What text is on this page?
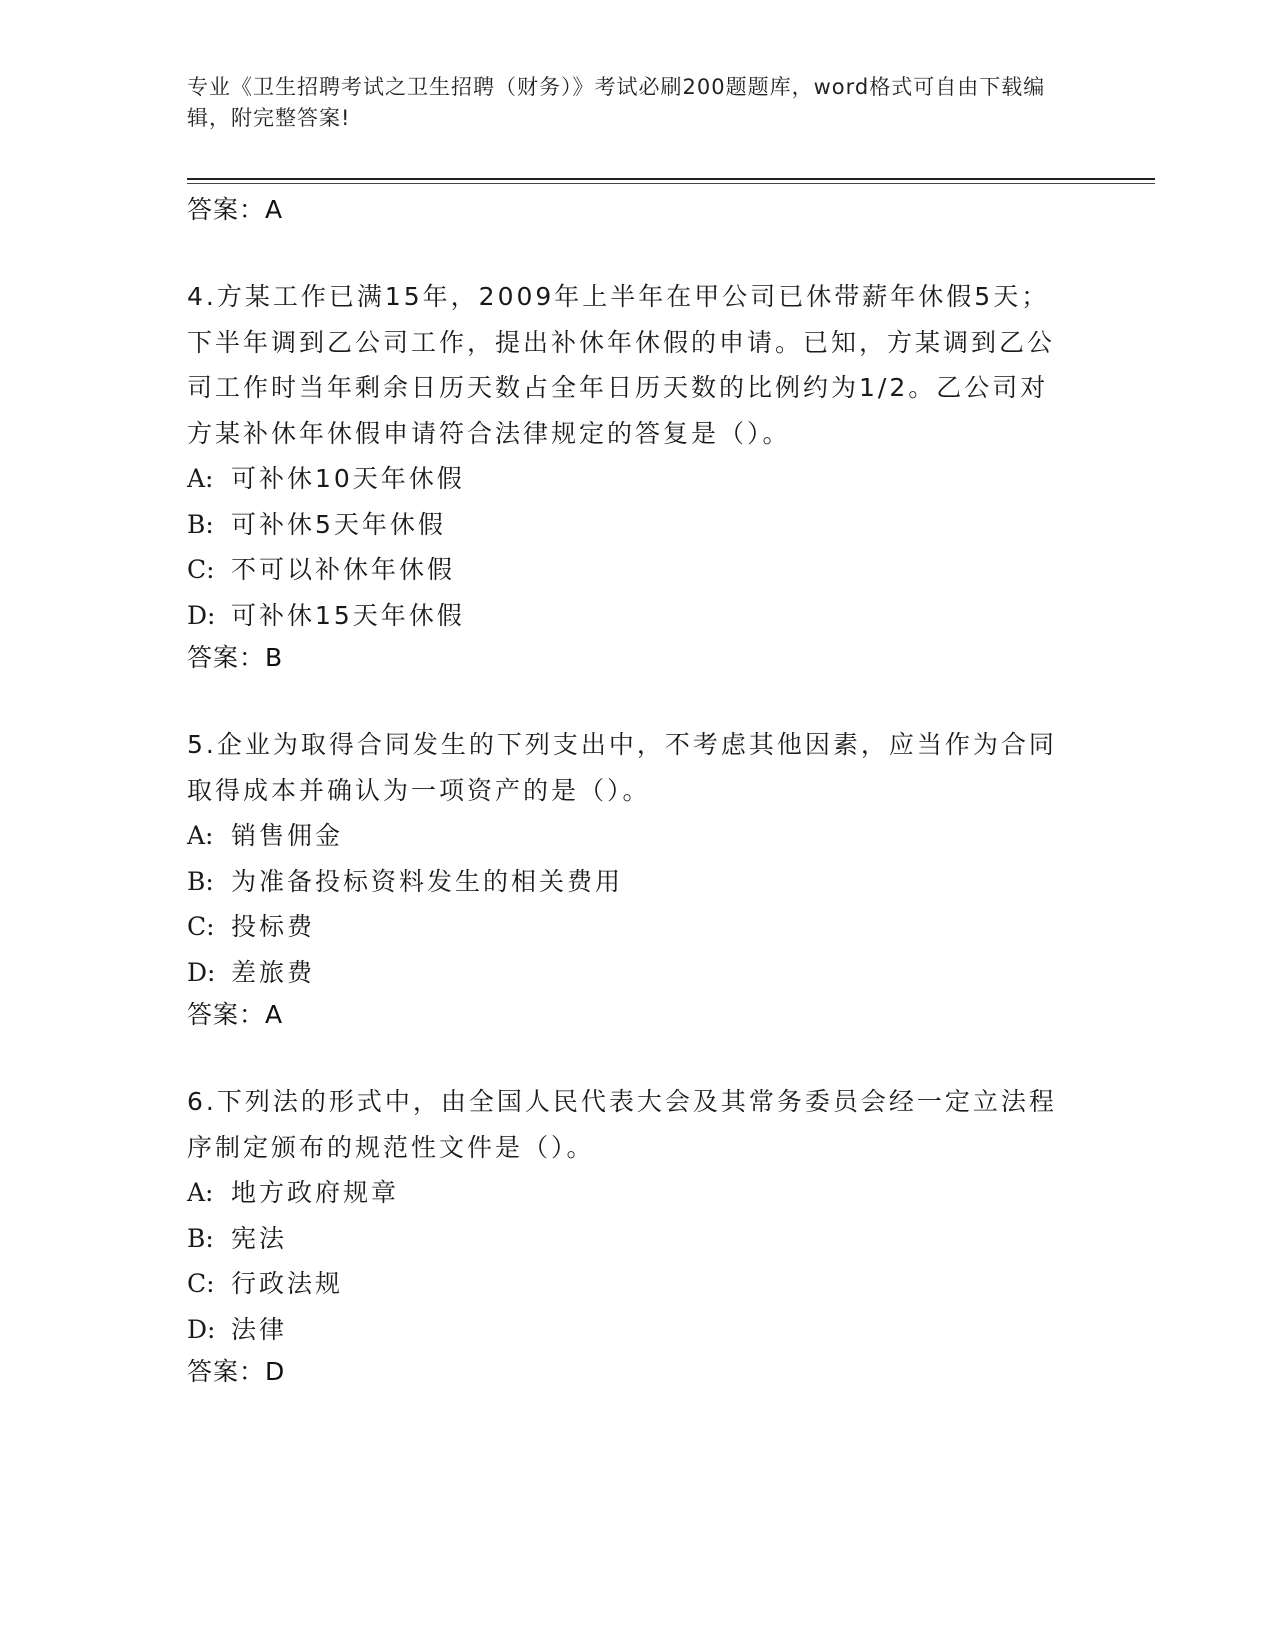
专业《卫生招聘考试之卫生招聘（财务）》考试必刷200题题库，word格式可自由下载编辑，附完整答案!
答案：A
4.方某工作已满15年，2009年上半年在甲公司已休带薪年休假5天；下半年调到乙公司工作，提出补休年休假的申请。已知，方某调到乙公司工作时当年剩余日历天数占全年日历天数的比例约为1/2。乙公司对方某补休年休假申请符合法律规定的答复是（）。
A: 可补休10天年休假
B: 可补休5天年休假
C: 不可以补休年休假
D: 可补休15天年休假
答案：B
5.企业为取得合同发生的下列支出中，不考虑其他因素，应当作为合同取得成本并确认为一项资产的是（）。
A: 销售佣金
B: 为准备投标资料发生的相关费用
C: 投标费
D: 差旅费
答案：A
6.下列法的形式中，由全国人民代表大会及其常务委员会经一定立法程序制定颁布的规范性文件是（）。
A: 地方政府规章
B: 宪法
C: 行政法规
D: 法律
答案：D
